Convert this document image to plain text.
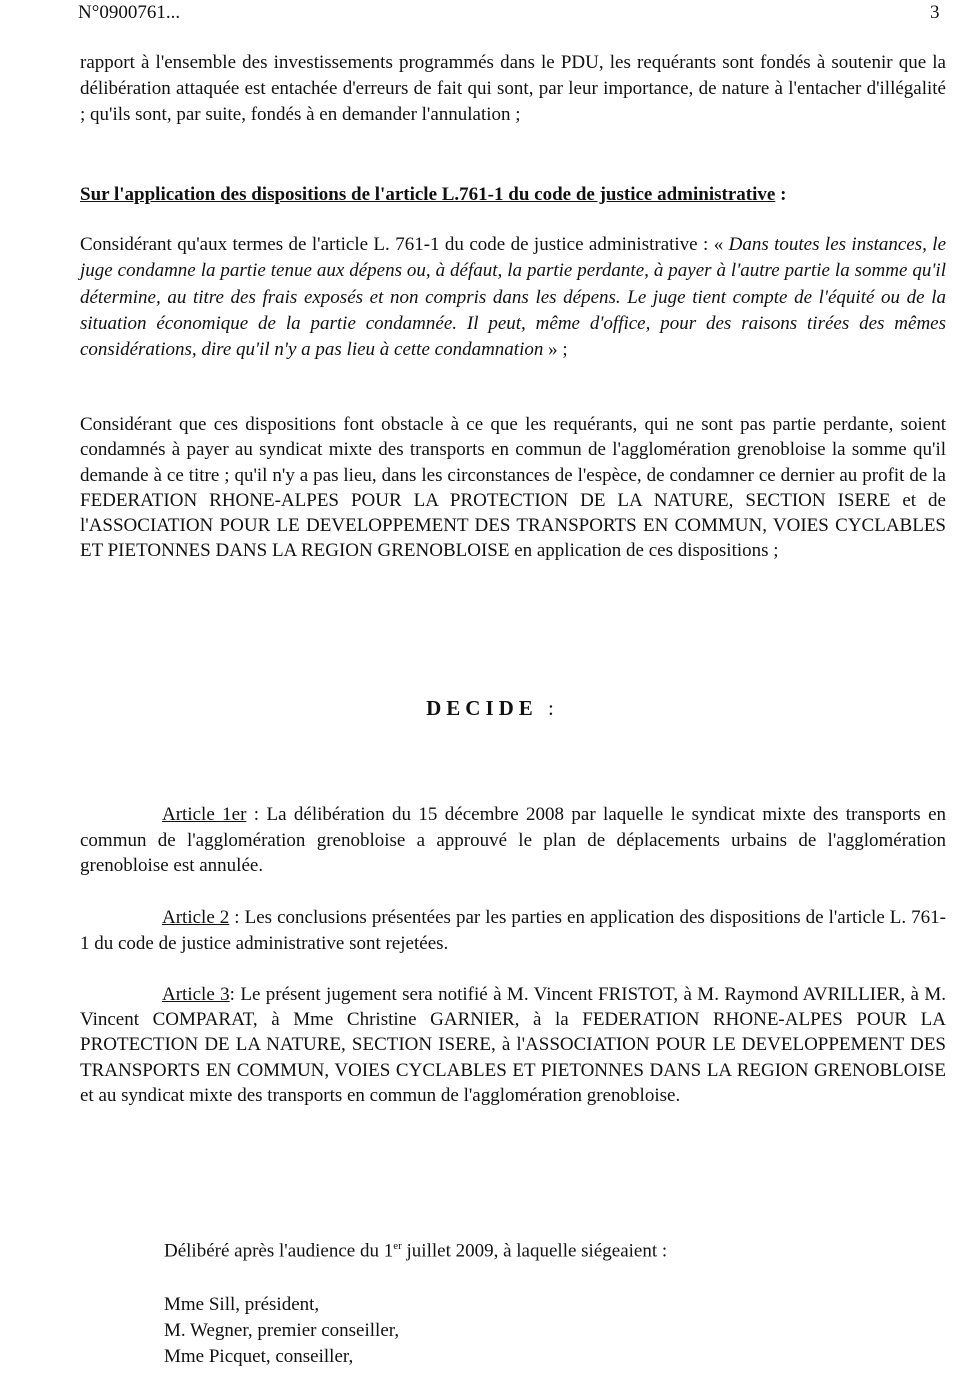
N°0900761...	3
rapport à l'ensemble des investissements programmés dans le PDU, les requérants sont fondés à soutenir que la délibération attaquée est entachée d'erreurs de fait qui sont, par leur importance, de nature à l'entacher d'illégalité ; qu'ils sont, par suite, fondés à en demander l'annulation ;
Sur l'application des dispositions de l'article L.761-1 du code de justice administrative :
Considérant qu'aux termes de l'article L. 761-1 du code de justice administrative : « Dans toutes les instances, le juge condamne la partie tenue aux dépens ou, à défaut, la partie perdante, à payer à l'autre partie la somme qu'il détermine, au titre des frais exposés et non compris dans les dépens. Le juge tient compte de l'équité ou de la situation économique de la partie condamnée. Il peut, même d'office, pour des raisons tirées des mêmes considérations, dire qu'il n'y a pas lieu à cette condamnation » ;
Considérant que ces dispositions font obstacle à ce que les requérants, qui ne sont pas partie perdante, soient condamnés à payer au syndicat mixte des transports en commun de l'agglomération grenobloise la somme qu'il demande à ce titre ; qu'il n'y a pas lieu, dans les circonstances de l'espèce, de condamner ce dernier au profit de la FEDERATION RHONE-ALPES POUR LA PROTECTION DE LA NATURE, SECTION ISERE et de l'ASSOCIATION POUR LE DEVELOPPEMENT DES TRANSPORTS EN COMMUN, VOIES CYCLABLES ET PIETONNES DANS LA REGION GRENOBLOISE en application de ces dispositions ;
DECIDE :
Article 1er : La délibération du 15 décembre 2008 par laquelle le syndicat mixte des transports en commun de l'agglomération grenobloise a approuvé le plan de déplacements urbains de l'agglomération grenobloise est annulée.
Article 2 : Les conclusions présentées par les parties en application des dispositions de l'article L. 761-1 du code de justice administrative sont rejetées.
Article 3: Le présent jugement sera notifié à M. Vincent FRISTOT, à M. Raymond AVRILLIER, à M. Vincent COMPARAT, à Mme Christine GARNIER, à la FEDERATION RHONE-ALPES POUR LA PROTECTION DE LA NATURE, SECTION ISERE, à l'ASSOCIATION POUR LE DEVELOPPEMENT DES TRANSPORTS EN COMMUN, VOIES CYCLABLES ET PIETONNES DANS LA REGION GRENOBLOISE et au syndicat mixte des transports en commun de l'agglomération grenobloise.
Délibéré après l'audience du 1er juillet 2009, à laquelle siégeaient :
Mme Sill, président,
M. Wegner, premier conseiller,
Mme Picquet, conseiller,
